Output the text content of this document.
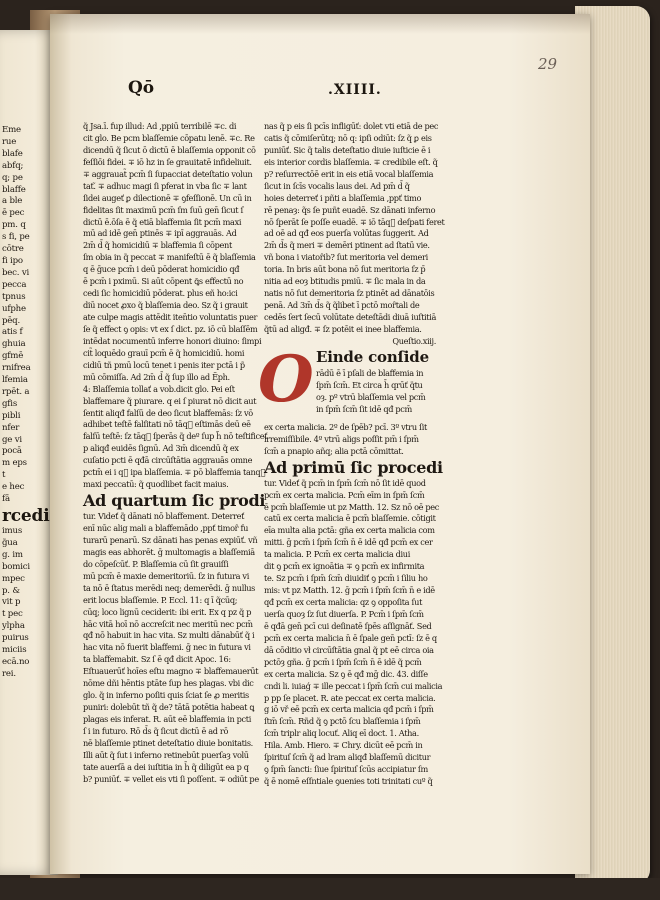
Eme
rue
blafe
abfq;
q; pe
blaffe
a ble
ē pec
pm. q
s fi, pe
cōtre
fi ipo
bec. vi
pecca
tpnus
ufphe
pēq.
atis f
ghuia
gfmē
rnifrea
lfemia
rpēt. a
gfis
pibli
nfer
ge vi
pocā
m eps
t
e hec
fā
rcedi
imus
g̃ua
g. im
bomici
mpec
p. &
vit p
t pec
ylpha
puirus
miciis
ecā.no
rei.
Qō	.XIIII.
29
q̃ Jsa.ī. fup illud: Ad ,ppiū terribilē ∓c. di
cit glo. Be pcm blaſſemie cōpatu lenē. ∓c. Re
dicendū q̃ ſicut ō dictū ē blaſſemia opponit cō
feſſiōi fidei. ∓ iō hz in ſe grauitatē infideliuit.
∓ aggrauat̃ pcm̄ ſi ſupacciat deteſtatio volun
tat.̃ ∓ adhuc magi ſi pferat in vba ſic ∓ lant
ſidei augeť ꝑ dilectionē ∓ ꝯfeſſionē. Un cū in
fidelitas ſit maximū pcm̄ ſm ſuū gen̄ ſicut ſ
dictū ē.ōſa ē q̃ etiā blaffemia ſit pcm̄ maxi
mū ad idē gen̄ ptinēs ∓ ipī aggrauās. Ad
2m̄ d̄ q̃ homicidiū ∓ blaffemia ſi cōpent
ſm obia in q̃ peccat ∓ manifeſtū ē q̃ blaſſemia
q ē ḡuce pcm̄ i deū pōderat homicidio qđ
ē pcm̄ i pximū. Si aūt cōpent ꝗ̄s effectū no
cedi ſic homicidiū pōderat. plus eñ ho:ici
diū nocet ꝓxo q̃ blaſſemia deo. Sz q̃ i grauit
ate culpe magis attēdit iten̄tio voluntatis puer
ſe q̃ effect ꝯ opis: vt ex ſ dict. pz. iō cū blaſſēm
intēdat nocumentū inferre honori diuino: ſimpi
cit̃ loquēdo grauī pcm̄ ē q̃ homicidiū. homi
cidiū tñ pmū locū tenet i penis iter pctā i p̃
mū cōmiſſa. Ad 2m̄ d̄ q̃ ſup illo ad Ẽph.
4: Blaſſemia tollať a vob.dicit glo. Pei eſt
blaffemare q̃ piurare. q ei ſ piurat nō dicit aut
ſentit aliqđ falſū de deo ſicut blaffemās: ſz vō
adhibet teſtē falſitati nō tāqᷓ eſtimās deū eē
falſū teſtē: ſz tāqᷓ ſperās q̃ deº ſup h̃ nō teſtificeť
p aliqđ euidēs ſignū. Ad 3m̄ dicendū q̃ ex
cuſatio pcti ē qđā circūſtātia aggrauās omne
pctm̄ ei i qᷓ ipa blaſſemia. ∓ pō blaffemia tanqᷓ
maxi peccatū: q̃ quodlibet facit maius.
Ad quartum ſic prodi
tur. Videť q̃ dānati nō blaffement. Deterreť
enī nūc alig mali a blaffemādo ,ppť timoȓ fu
turarū penarū. Sz dānati has penas expiūť. vñ
magis eas abhorēt. ḡ multomagis a blaſſemiā
do cōpeſcūť. P. Blaſſemia cū ſit grauiſſi
mū pcm̄ ē maxie demeritoriū. ſz in futura vi
ta nō ē ſtatus merēdi neq; demerēdi. ḡ nullus
erit locus blaſſemie. P. Eccl. 11: q ī q̃cūq;
cūq; loco lignū ceciderit: ibi erit. Ex q pz q̃ p
hāc vitā hoī nō accreſcit nec meritū nec pcm̄
qđ nō habuit in hac vita. Sz multi dānabūť q̃ i
hac vita nō fuerit blaffemi. ḡ nec in futura vi
ta blaffemabit. Sz ſ ē qđ dicit Apoc. 16:
Eſtuauerūť hoīes eſtu magno ∓ blaffemauerūt
nōme dñi hēntis ptāte ſup hes plagas. vbi dic
glo. q̃ in inferno poſiti quis ſciat ſe ꝓ meritis
puniri: dolebūt tñ q̃ de? tātā potētia habeat ꝗ
plagas eis inferat. R. aūt eē blaffemia in pcti
ſ i in futuro. Rō d̄s q̃ ſicut dictū ē ad rō
nē blaſſemie ptinet deteſtatio diuie bonitatis.
Illi aūt q̃ ſut i inferno retinebūt puerſaȝ volū
tate auerſā a dei iuſtitia in h̄ q̃ diligūt ea p q
b? puniūť. ∓ vellet eis vti ſi poſſent. ∓ odiūt pe
nas q̃ p eis ſi pcīs infligūť: dolet vti etiā de pec
catis q̃ cōmiſerūtq; nō q: ipſi odiūt: ſz q̃ ꝑ eis
puniūť. Sic q̃ talis deteſtatio diuie iuſticie ē i
eis interior cordis blaſſemia. ∓ credibile eſt. q̃
p? reſurrectōē erit in eis etiā vocal blaſſemia
ſicut in ſcīs vocalis laus dei. Ad pm̄ d̄ q̃
hoies deterreť i pñti a blaſſemia ,ppť timo
rē penaȝ: q̃s ſe puñt euadē. Sz dānati inferno
nō ſperāt ſe poſſe euadē. ∓ iō tāqᷓ deſpati feret
ad oē ad qđ eos puerſa volūtas ſuggerit. Ad
2m̄ d̄s q̃ meri ∓ demēri ptinent ad ſtatū vie.
vñ bona i viatoȓib? ſut meritoria vel demeri
toria. In bris aūt bona nō ſut meritoria ſz p̄
nitia ad eoȝ btitudis pmiū. ∓ ſic mala in da
natis nō ſut demeritoria ſz ptinēt ad dānatōis
penā. Ad 3m̄ d̄s q̃ q̃libet ī pctō moȓtali de
cedēs ſert ſecū volūtate deteſtādi diuā iuſtitiā
q̃tū ad aligđ. ∓ ſz potēit ei inee blaffemia.
Queſtio.xiij.
O Einde conſide
rādū ē ī pſali de blaffemia in
ſpm̄ ſcm̄. Et circa h̄ qrūť q̈tu
oȝ. pº vtrū blaſſemia vel pcm̄
in ſpm̄ ſcm̄ ſit idē qđ pcm̄
ex certa malicia. 2º de ſpēb? pcī. 3º vtru ſit
irremiſſibile. 4º vtrū aligs poſſit pm̄ i ſpm̄
ſcm̄ a pnapio añq; alia pctā cōmittat.
Ad primū ſic procedi
tur. Videť q̃ pcm̄ in ſpm̄ ſcm̄ nō ſit idē quod
pcm̄ ex certa malicia. Pcm̄ eīm in ſpm̄ ſcm̄
ē pcm̄ blaſſemie ut pz Matth. 12. Sz nō oē pec
catū ex certa malicia ē pcm̄ blaſſemie. cōtigit
eīa multa alia pctā: gña ex certa malicia com
mitti. ḡ pcm̄ i ſpm̄ ſcm̄ n̄ ē idē qđ pcm̄ ex cer
ta malicia. P. Pcm̄ ex certa malicia diui
dit ꝯ pcm̄ ex ignoātia ∓ ꝯ pcm̄ ex infirmita
te. Sz pcm̄ i ſpm̄ ſcm̄ diuidiť ꝯ pcm̄ i ſiliu ho
mis: vt pz Matth. 12. ḡ pcm̄ i ſpm̄ ſcm̄ n̄ e idē
qđ pcm̄ ex certa malicia: qz ꝯ oppoſita ſut
uerſa quoȝ ſz ſut diuerſa. P. Pcm̄ i ſpm̄ ſcm̄
ē qđā gen̄ pcī cui deſinatē ſpēs aſſignāť. Sed
pcm̄ ex certa malicia n̄ ē ſpale gen̄ pctī: ſz ē q
dā cōditio vł circūſtātia gnal q̃ pt eē circa oia
pctōȝ gña. ḡ pcm̄ i ſpm̄ ſcm̄ n̄ ē idē q̃ pcm̄
ex certa malicia. Sz ꝯ ē qđ mḡ dic. 43. diſſe
cndi li. iuiaǵ ∓ ille peccat i ſpm̄ ſcm̄ cui malicia
p pp ſe placet. R. ate peccat ex certa malicia.
g iō vř eē pcm̄ ex certa malicia qđ pcm̄ i ſpm̄
ſtm̄ ſcm̄. Rñd q̃ ꝯ pctō ſcu blaſſemia i ſpm̄
ſcm̄ triplr aliq locuť. Aliq eī doct. 1. Atha.
Hila. Amb. Hiero. ∓ Chry. dicūt eē pcm̄ in
ſpirituſ ſcm̄ q̃ ad lram aliqđ blaſſemū dicitur
ꝯ ſpm̄ ſancti: ſiue ſpirituſ ſcūs accipiatur ſm
q̃ ē nomē eſſntiale ꝯuenies toti trinitati cuº q̃
